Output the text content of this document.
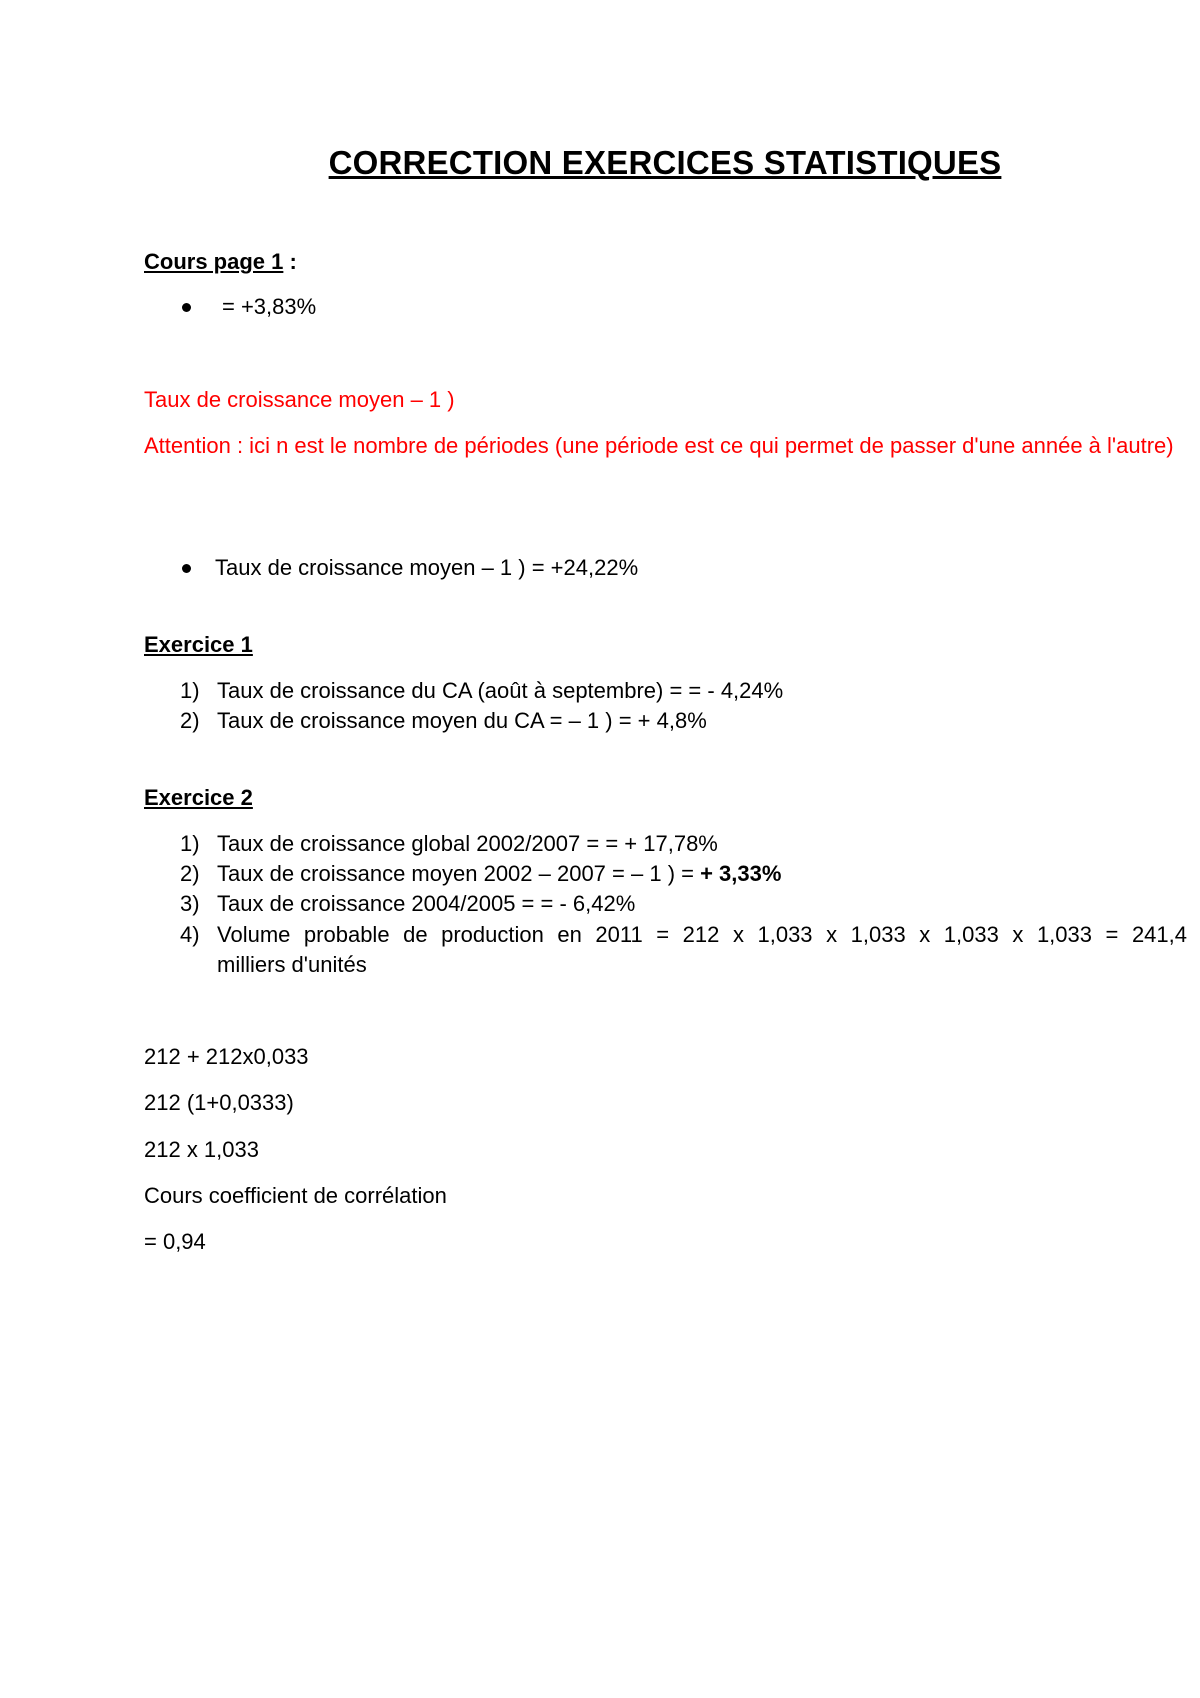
CORRECTION EXERCICES STATISTIQUES
Cours page 1 :
= +3,83%
Taux de croissance moyen – 1 )
Attention : ici n est le nombre de périodes (une période est ce qui permet de passer d'une année à l'autre)
Taux de croissance moyen – 1 ) = +24,22%
Exercice 1
1) Taux de croissance du CA (août à septembre) = = - 4,24%
2) Taux de croissance moyen du CA = – 1 ) = + 4,8%
Exercice 2
1) Taux de croissance global 2002/2007 = = + 17,78%
2) Taux de croissance moyen 2002 – 2007 = – 1 ) = + 3,33%
3) Taux de croissance 2004/2005 = = - 6,42%
4) Volume probable de production en 2011 = 212 x 1,033 x 1,033 x 1,033 x 1,033 = 241,4
milliers d'unités
212 + 212x0,033
212 (1+0,0333)
212 x 1,033
Cours coefficient de corrélation
= 0,94
